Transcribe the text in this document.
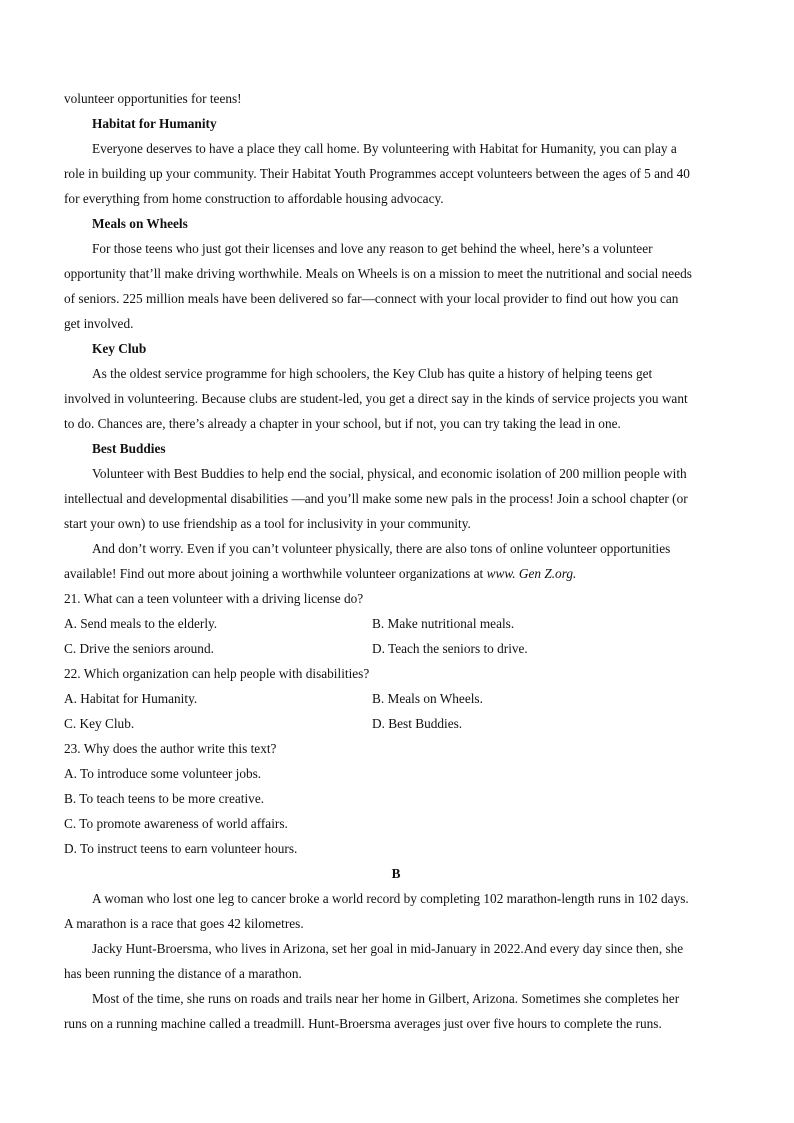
volunteer opportunities for teens!

Habitat for Humanity

Everyone deserves to have a place they call home. By volunteering with Habitat for Humanity, you can play a

role in building up your community. Their Habitat Youth Programmes accept volunteers between the ages of 5 and 40

for everything from home construction to affordable housing advocacy.

Meals on Wheels

For those teens who just got their licenses and love any reason to get behind the wheel, here’s a volunteer

opportunity that’ll make driving worthwhile. Meals on Wheels is on a mission to meet the nutritional and social needs

of seniors. 225 million meals have been delivered so far—connect with your local provider to find out how you can

get involved.

Key Club

As the oldest service programme for high schoolers, the Key Club has quite a history of helping teens get

involved in volunteering. Because clubs are student-led, you get a direct say in the kinds of service projects you want

to do. Chances are, there’s already a chapter in your school, but if not, you can try taking the lead in one.

Best Buddies

Volunteer with Best Buddies to help end the social, physical, and economic isolation of 200 million people with

intellectual and developmental disabilities —and you’ll make some new pals in the process! Join a school chapter (or

start your own) to use friendship as a tool for inclusivity in your community.

And don’t worry. Even if you can’t volunteer physically, there are also tons of online volunteer opportunities

available! Find out more about joining a worthwhile volunteer organizations at www. Gen Z.org.

21. What can a teen volunteer with a driving license do?

A. Send meals to the elderly.	B. Make nutritional meals.
C. Drive the seniors around.	D. Teach the seniors to drive.

22. Which organization can help people with disabilities?

A. Habitat for Humanity.	B. Meals on Wheels.
C. Key Club.	D. Best Buddies.

23. Why does the author write this text?

A. To introduce some volunteer jobs.

B. To teach teens to be more creative.

C. To promote awareness of world affairs.

D. To instruct teens to earn volunteer hours.

B

A woman who lost one leg to cancer broke a world record by completing 102 marathon-length runs in 102 days.

A marathon is a race that goes 42 kilometres.

Jacky Hunt-Broersma, who lives in Arizona, set her goal in mid-January in 2022.And every day since then, she

has been running the distance of a marathon.

Most of the time, she runs on roads and trails near her home in Gilbert, Arizona. Sometimes she completes her

runs on a running machine called a treadmill. Hunt-Broersma averages just over five hours to complete the runs.
